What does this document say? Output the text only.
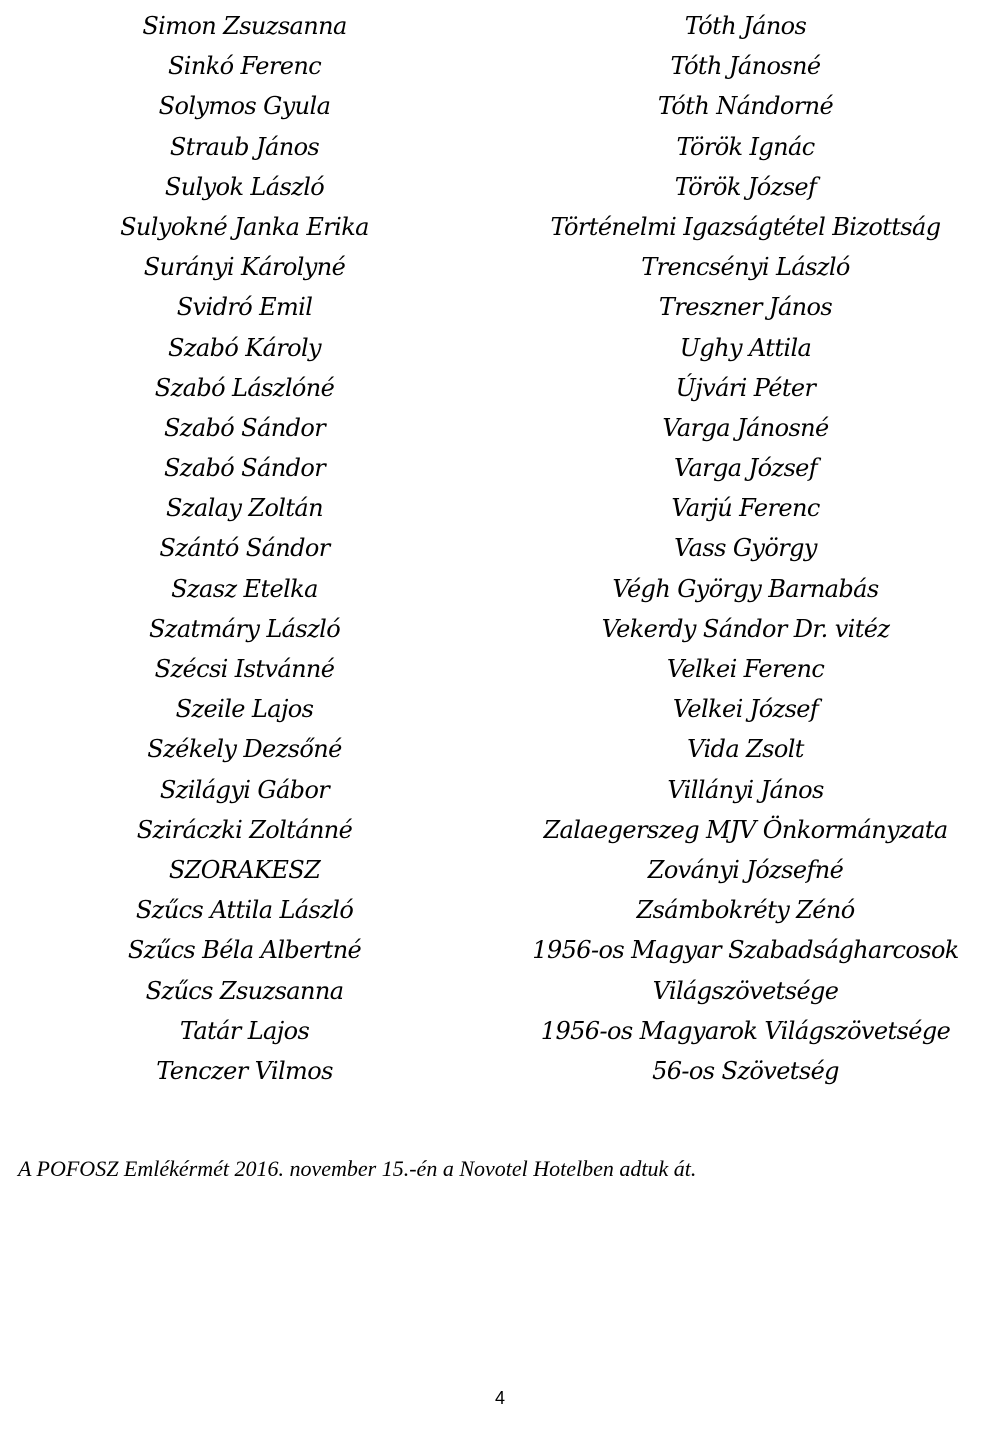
Simon Zsuzsanna
Sinkó Ferenc
Solymos Gyula
Straub János
Sulyok László
Sulyokné Janka Erika
Surányi Károlyné
Svidró Emil
Szabó Károly
Szabó Lászlóné
Szabó Sándor
Szabó Sándor
Szalay Zoltán
Szántó Sándor
Szasz Etelka
Szatmáry László
Szécsi Istvánné
Szeile Lajos
Székely Dezsőné
Szilágyi Gábor
Sziráczki Zoltánné
SZORAKESZ
Szűcs Attila László
Szűcs Béla Albertné
Szűcs Zsuzsanna
Tatár Lajos
Tenczer Vilmos
Tóth János
Tóth Jánosné
Tóth Nándorné
Török Ignác
Török József
Történelmi Igazságtétel Bizottság
Trencsényi László
Treszner János
Ughy Attila
Újvári Péter
Varga Jánosné
Varga József
Varjú Ferenc
Vass György
Végh György Barnabás
Vekerdy Sándor Dr. vitéz
Velkei Ferenc
Velkei József
Vida Zsolt
Villányi János
Zalaegerszeg MJV Önkormányzata
Zoványi Józsefné
Zsámbokréty Zénó
1956-os Magyar Szabadságharcosok
Világszövetsége
1956-os Magyarok Világszövetsége
56-os Szövetség
A POFOSZ Emlékérmét 2016. november 15.-én a Novotel Hotelben adtuk át.
4
